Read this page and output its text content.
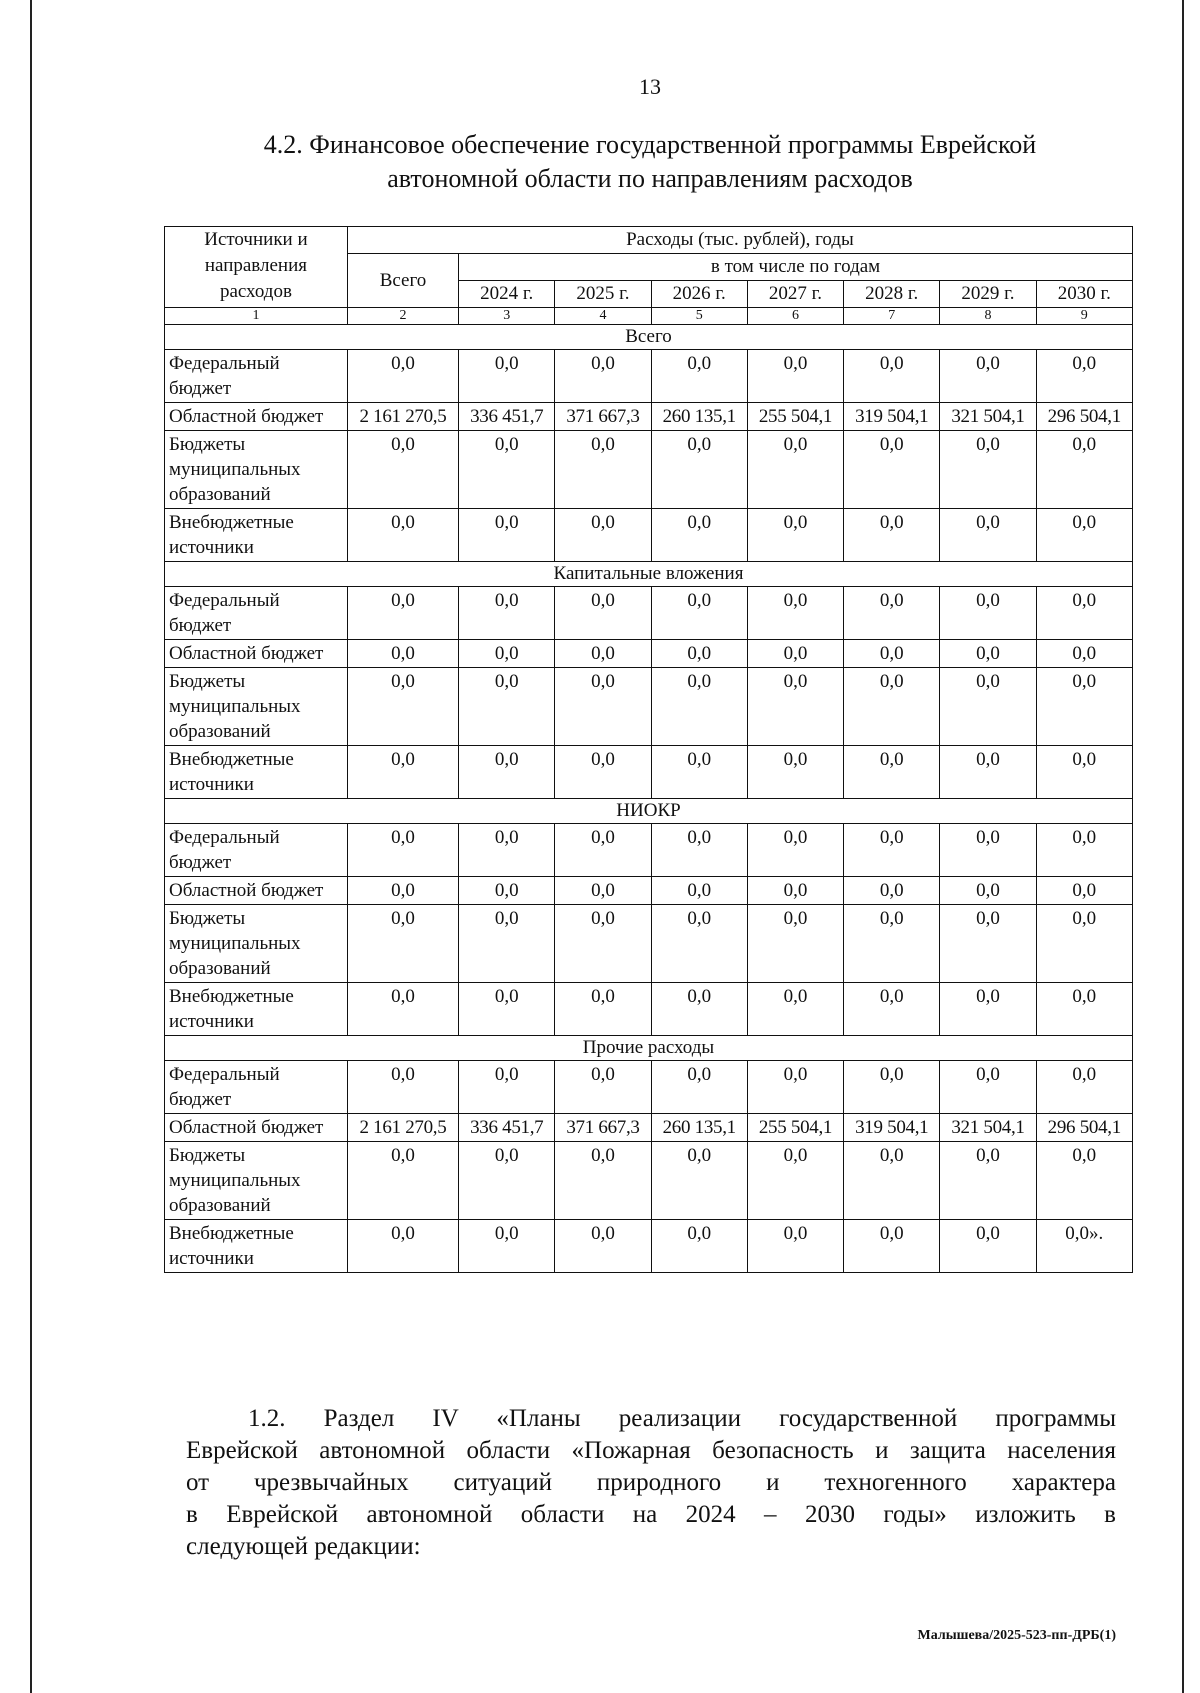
13
4.2. Финансовое обеспечение государственной программы Еврейской
автономной области по направлениям расходов
Источники и направления расходов	Расходы (тыс. рублей), годы							
	Всего	в том числе по годам						
		2024 г.	2025 г.	2026 г.	2027 г.	2028 г.	2029 г.	2030 г.
1	2	3	4	5	6	7	8	9
Всего								
Федеральный бюджет	0,0	0,0	0,0	0,0	0,0	0,0	0,0	0,0
Областной бюджет	2 161 270,5	336 451,7	371 667,3	260 135,1	255 504,1	319 504,1	321 504,1	296 504,1
Бюджеты муниципальных образований	0,0	0,0	0,0	0,0	0,0	0,0	0,0	0,0
Внебюджетные источники	0,0	0,0	0,0	0,0	0,0	0,0	0,0	0,0
Капитальные вложения								
Федеральный бюджет	0,0	0,0	0,0	0,0	0,0	0,0	0,0	0,0
Областной бюджет	0,0	0,0	0,0	0,0	0,0	0,0	0,0	0,0
Бюджеты муниципальных образований	0,0	0,0	0,0	0,0	0,0	0,0	0,0	0,0
Внебюджетные источники	0,0	0,0	0,0	0,0	0,0	0,0	0,0	0,0
НИОКР								
Федеральный бюджет	0,0	0,0	0,0	0,0	0,0	0,0	0,0	0,0
Областной бюджет	0,0	0,0	0,0	0,0	0,0	0,0	0,0	0,0
Бюджеты муниципальных образований	0,0	0,0	0,0	0,0	0,0	0,0	0,0	0,0
Внебюджетные источники	0,0	0,0	0,0	0,0	0,0	0,0	0,0	0,0
Прочие расходы								
Федеральный бюджет	0,0	0,0	0,0	0,0	0,0	0,0	0,0	0,0
Областной бюджет	2 161 270,5	336 451,7	371 667,3	260 135,1	255 504,1	319 504,1	321 504,1	296 504,1
Бюджеты муниципальных образований	0,0	0,0	0,0	0,0	0,0	0,0	0,0	0,0
Внебюджетные источники	0,0	0,0	0,0	0,0	0,0	0,0	0,0	0,0».
1.2. Раздел IV «Планы реализации государственной программы
Еврейской автономной области «Пожарная безопасность и защита населения
от чрезвычайных ситуаций природного и техногенного характера
в Еврейской автономной области на 2024 – 2030 годы» изложить в
следующей редакции:
Малышева/2025-523-пп-ДРБ(1)
